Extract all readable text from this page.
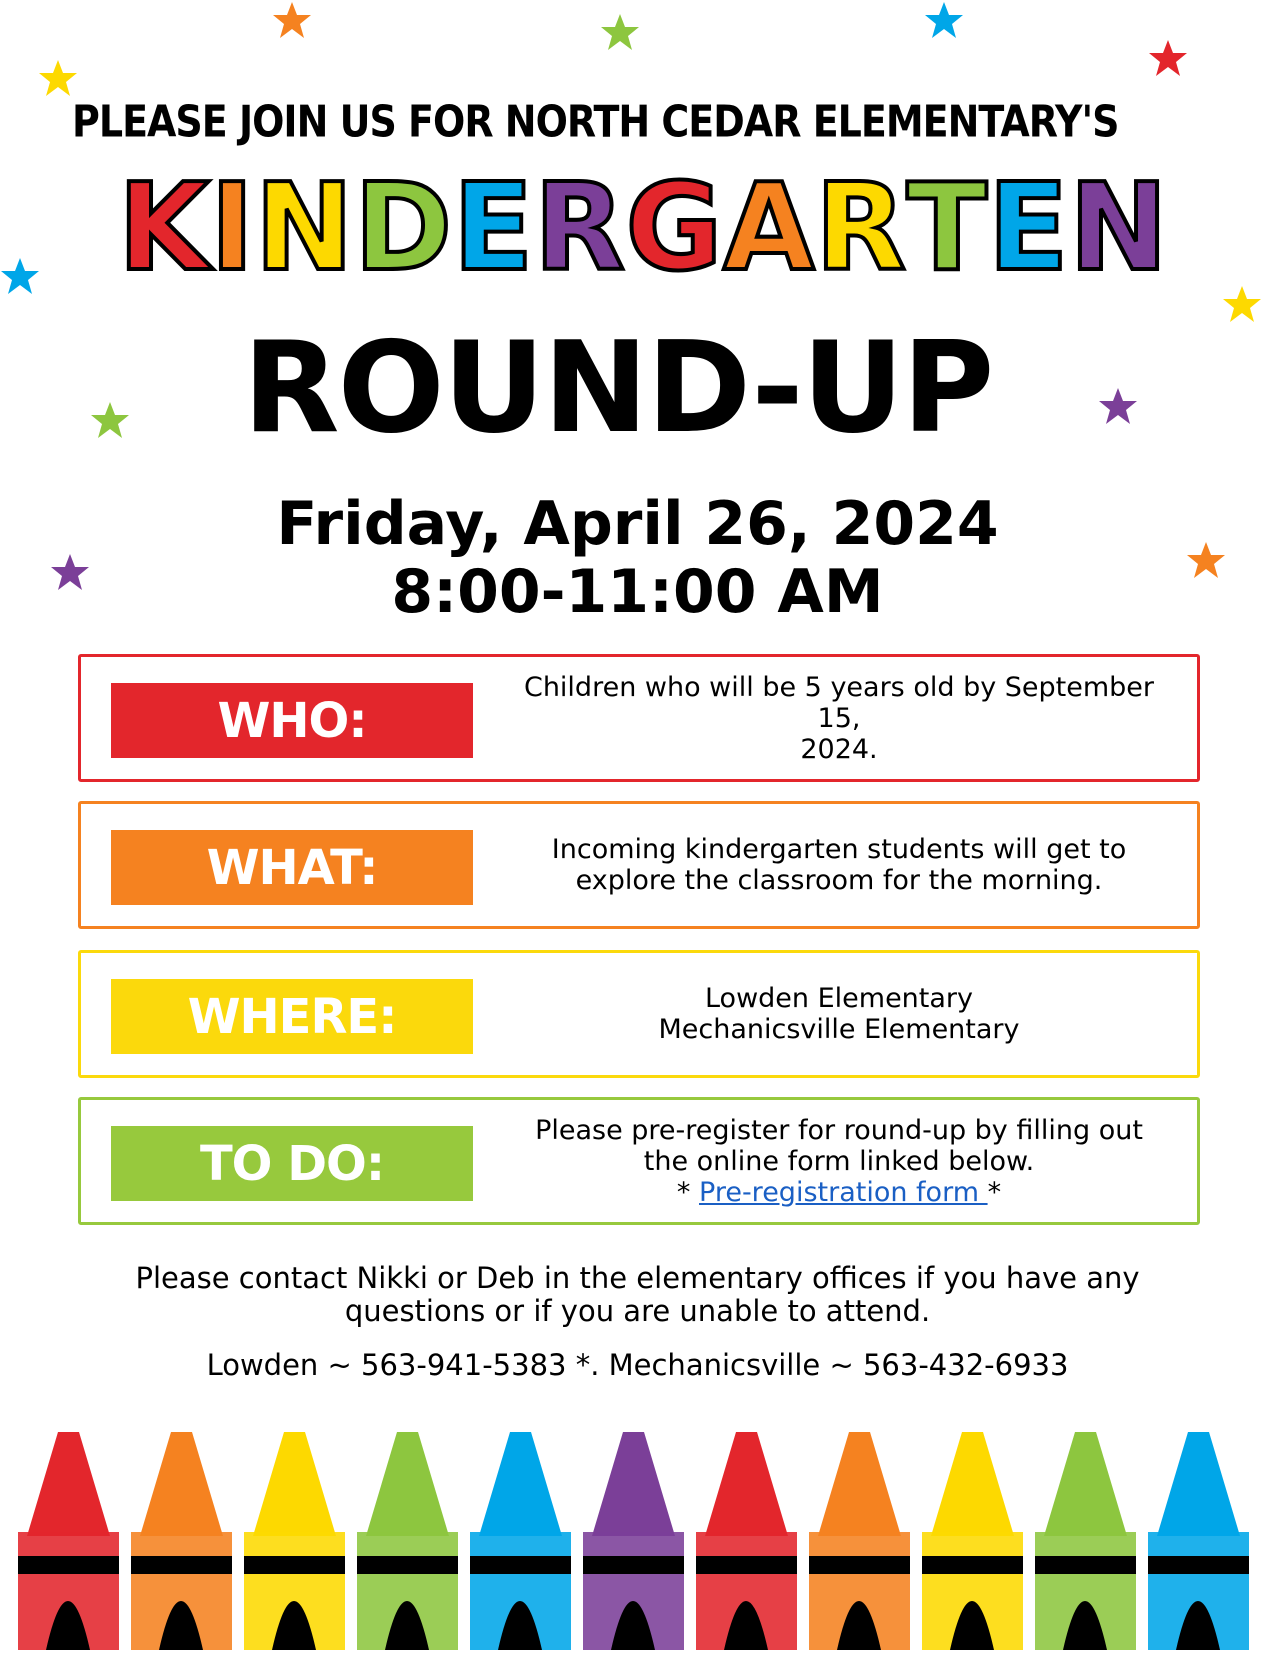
PLEASE JOIN US FOR NORTH CEDAR ELEMENTARY'S
K I N D E R G A R T E N
ROUND-UP
Friday, April 26, 2024
8:00-11:00 AM
WHO:
Children who will be 5 years old by September 15,
2024.
WHAT:	Incoming kindergarten students will get to
explore the classroom for the morning.
WHERE:	Lowden Elementary
Mechanicsville Elementary
TO DO:
Please pre-register for round-up by filling out
the online form linked below.
* Pre-registration form *
Please contact Nikki or Deb in the elementary offices if you have any
questions or if you are unable to attend.
Lowden ~ 563-941-5383 *. Mechanicsville ~ 563-432-6933
